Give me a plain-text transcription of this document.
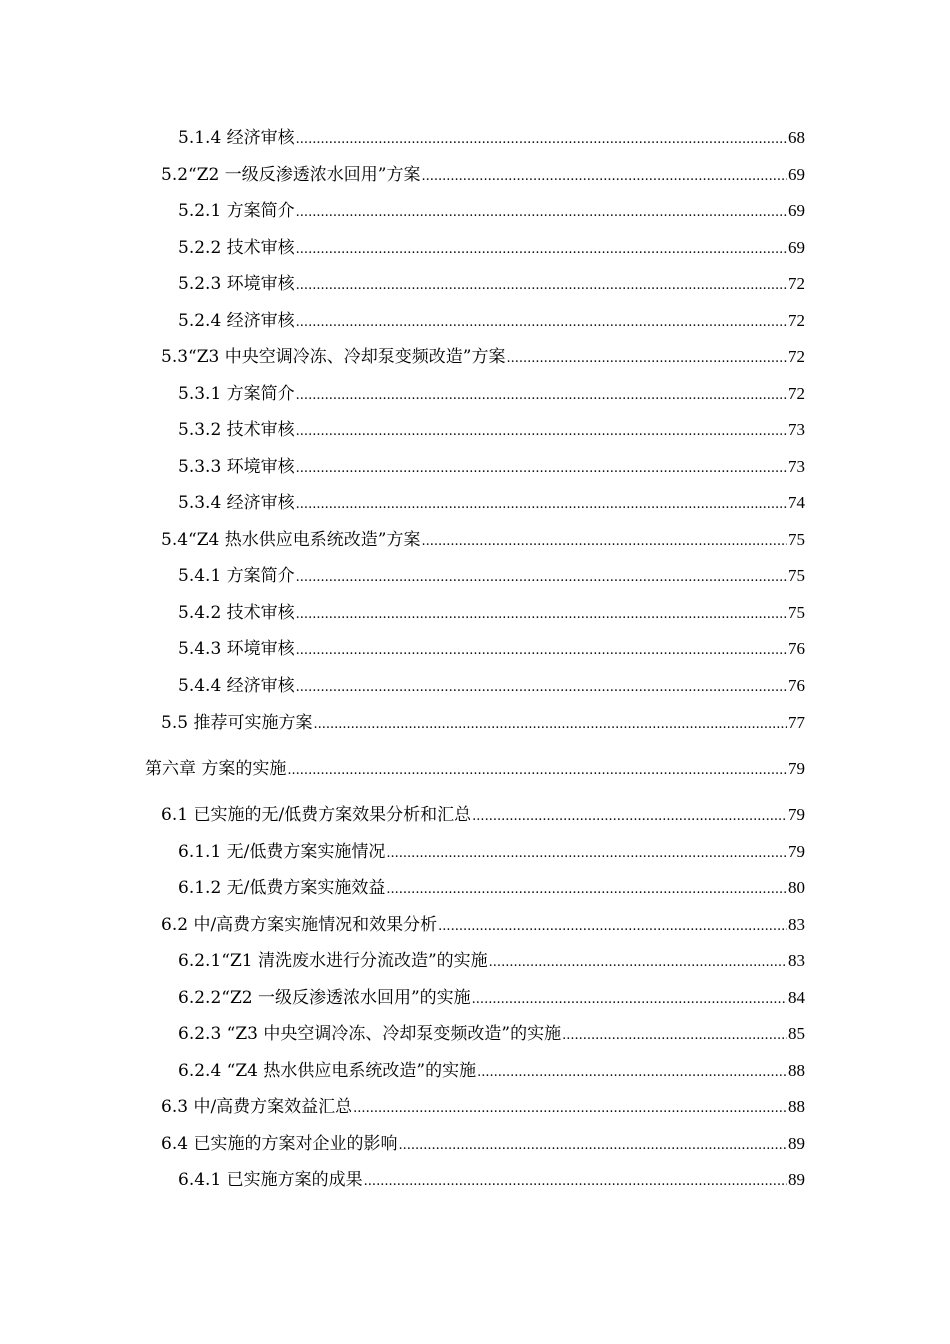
5.1.4 经济审核 .....	68
5.2“Z2 一级反渗透浓水回用”方案 .....	69
5.2.1 方案简介 .....	69
5.2.2 技术审核 .....	69
5.2.3 环境审核 .....	72
5.2.4 经济审核 .....	72
5.3“Z3 中央空调冷冻、冷却泵变频改造”方案 .....	72
5.3.1 方案简介 .....	72
5.3.2 技术审核 .....	73
5.3.3 环境审核 .....	73
5.3.4 经济审核 .....	74
5.4“Z4 热水供应电系统改造”方案 .....	75
5.4.1 方案简介 .....	75
5.4.2 技术审核 .....	75
5.4.3 环境审核 .....	76
5.4.4 经济审核 .....	76
5.5 推荐可实施方案 .....	77
第六章 方案的实施 .....	79
6.1 已实施的无/低费方案效果分析和汇总 .....	79
6.1.1 无/低费方案实施情况 .....	79
6.1.2 无/低费方案实施效益 .....	80
6.2 中/高费方案实施情况和效果分析 .....	83
6.2.1“Z1 清洗废水进行分流改造”的实施 .....	83
6.2.2“Z2 一级反渗透浓水回用”的实施 .....	84
6.2.3 “Z3 中央空调冷冻、冷却泵变频改造”的实施 .....	85
6.2.4 “Z4 热水供应电系统改造”的实施 .....	88
6.3 中/高费方案效益汇总 .....	88
6.4 已实施的方案对企业的影响 .....	89
6.4.1 已实施方案的成果 .....	89
